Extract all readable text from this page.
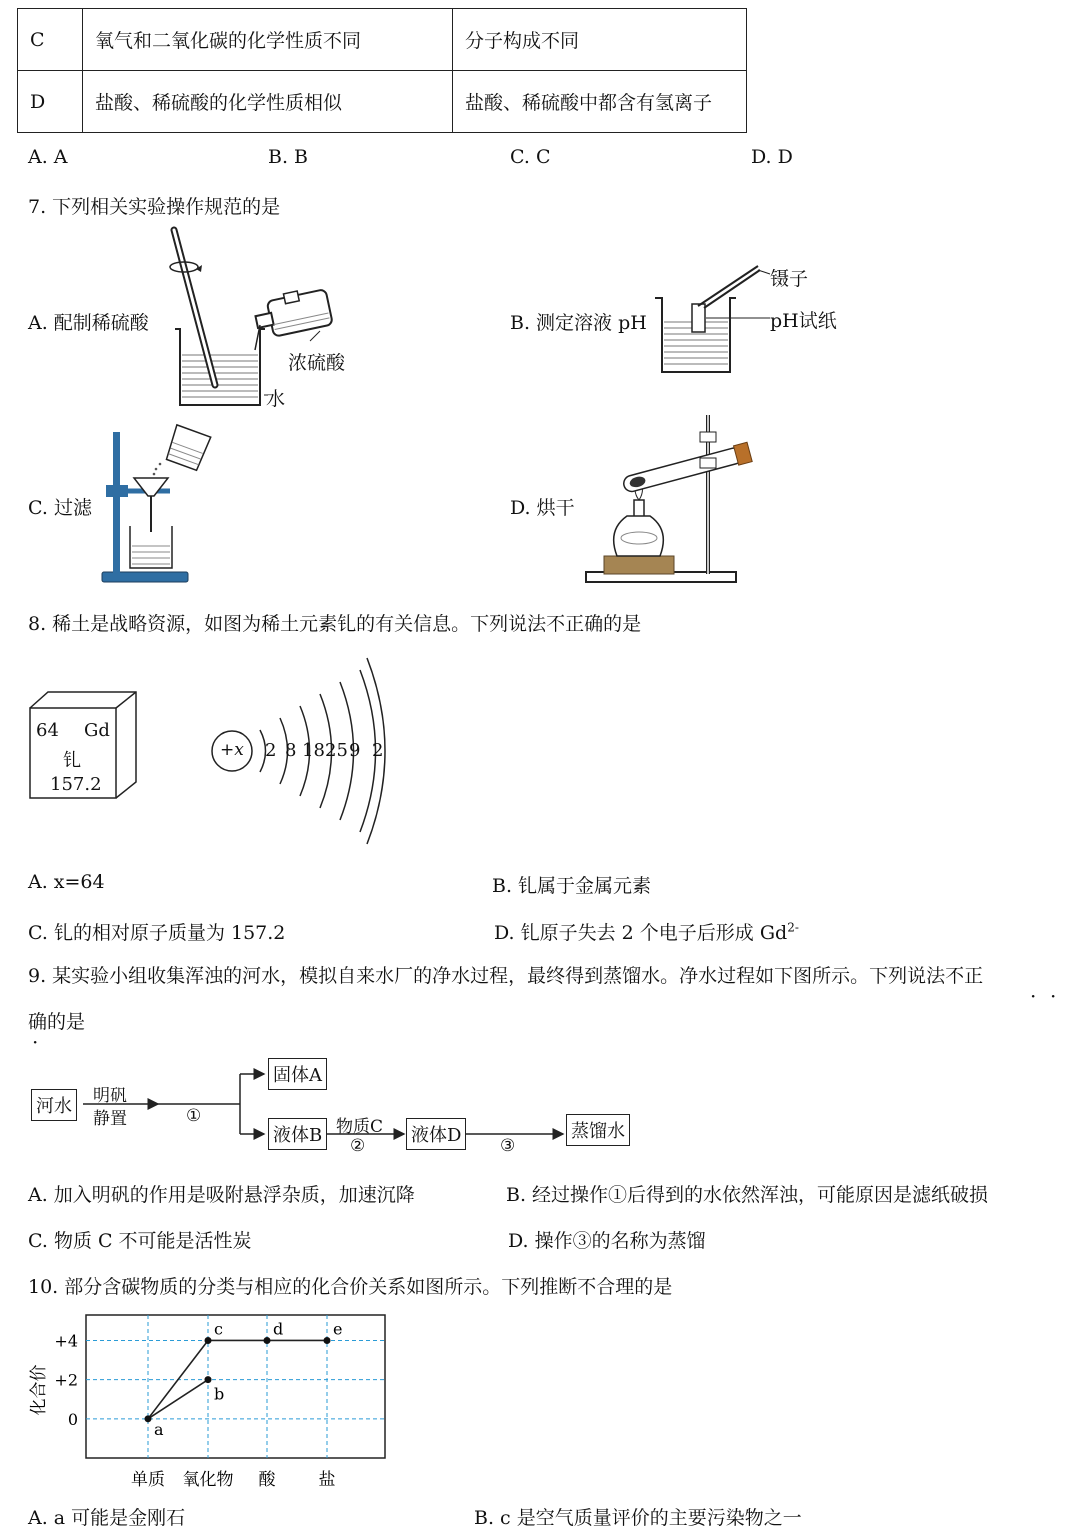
C	氧气和二氧化碳的化学性质不同	分子构成不同
D	盐酸、稀硫酸的化学性质相似	盐酸、稀硫酸中都含有氢离子
A. A	B. B	C. C	D. D
7. 下列相关实验操作规范的是
A. 配制稀硫酸
浓硫酸
水
B. 测定溶液 pH
镊子
pH试纸
C. 过滤	D. 烘干
8. 稀土是战略资源，如图为稀土元素钆的有关信息。下列说法不正确的是
64 Gd
钆
157.2
+x 2 8 18 25 9 2
A. x=64	B. 钆属于金属元素
C. 钆的相对原子质量为 157.2	D. 钆原子失去 2 个电子后形成 $Gd^{2-}$
9. 某实验小组收集浑浊的河水，模拟自来水厂的净水过程，最终得到蒸馏水。净水过程如下图所示。下列说法不正
· ·
确的是
·
河水 明矾
静置	①
固体A
液体B 物质C
②	液体D ③
蒸馏水
A. 加入明矾的作用是吸附悬浮杂质，加速沉降	B. 经过操作①后得到的水依然浑浊，可能原因是滤纸破损
C. 物质 C 不可能是活性炭	D. 操作③的名称为蒸馏
10. 部分含碳物质的分类与相应的化合价关系如图所示。下列推断不合理的是
化合价
+4
+2
0
单质 氧化物 酸	盐
a
b
c	d	e
A. a 可能是金刚石	B. c 是空气质量评价的主要污染物之一
